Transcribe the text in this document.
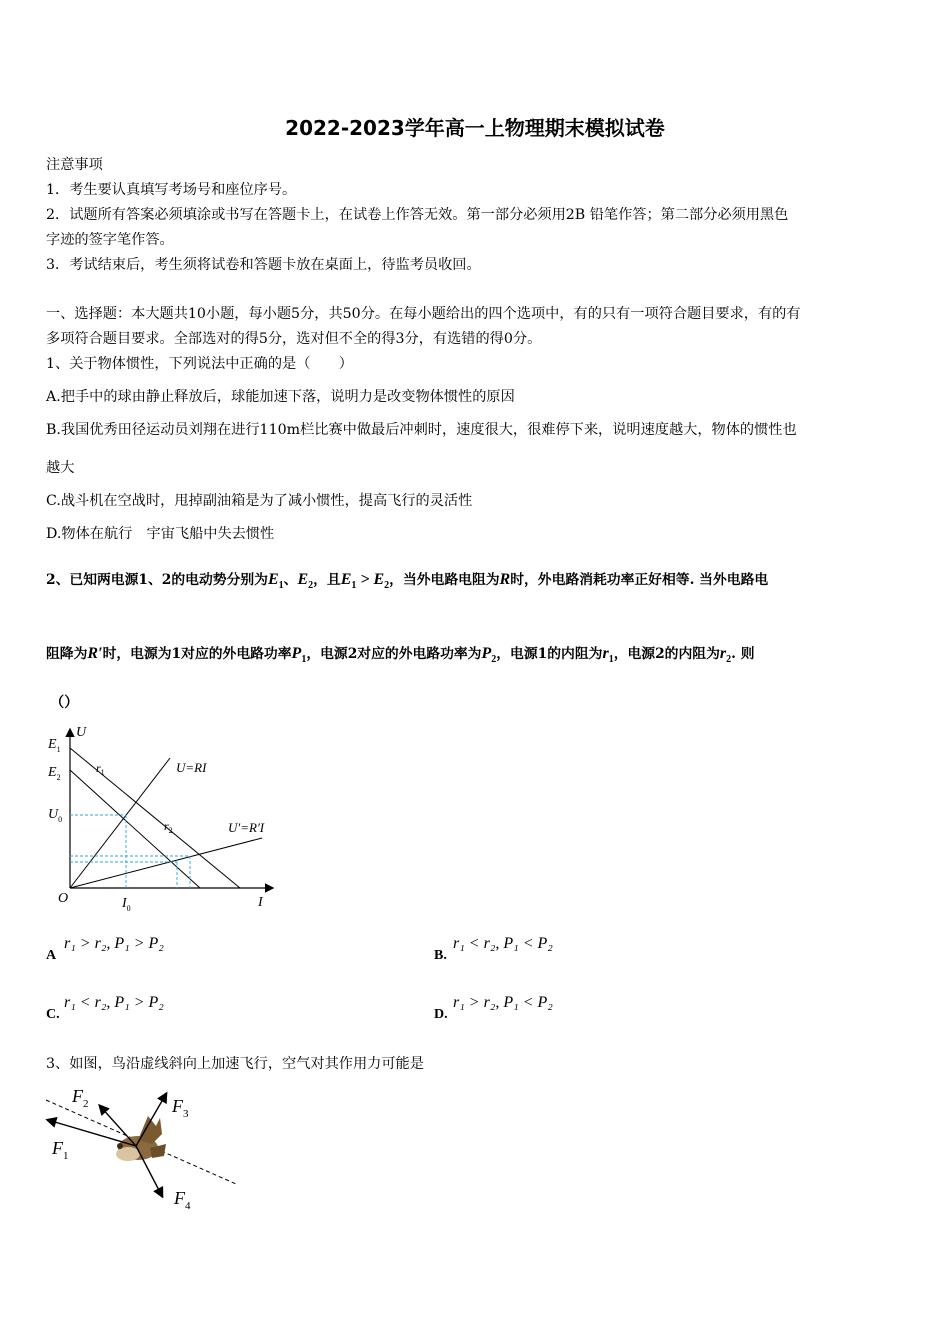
2022-2023学年高一上物理期末模拟试卷
注意事项
1．考生要认真填写考场号和座位序号。
2．试题所有答案必须填涂或书写在答题卡上，在试卷上作答无效。第一部分必须用2B 铅笔作答；第二部分必须用黑色
字迹的签字笔作答。
3．考试结束后，考生须将试卷和答题卡放在桌面上，待监考员收回。
一、选择题：本大题共10小题，每小题5分，共50分。在每小题给出的四个选项中，有的只有一项符合题目要求，有的有
多项符合题目要求。全部选对的得5分，选对但不全的得3分，有选错的得0分。
1、关于物体惯性，下列说法中正确的是（　　）
A.把手中的球由静止释放后，球能加速下落，说明力是改变物体惯性的原因
B.我国优秀田径运动员刘翔在进行110m栏比赛中做最后冲刺时，速度很大，很难停下来，说明速度越大，物体的惯性也
越大
C.战斗机在空战时，甩掉副油箱是为了减小惯性，提高飞行的灵活性
D.物体在航行　宇宙飞船中失去惯性
2、已知两电源1、2的电动势分别为$E_1$、$E_2$，且$E_1 > E_2$，当外电路电阻为R时，外电路消耗功率正好相等. 当外电路电
阻降为R′时，电源为1对应的外电路功率$P_1$，电源2对应的外电路功率为$P_2$，电源1的内阻为$r_1$，电源2的内阻为$r_2$. 则
（）
U
I
O
$E_1$
$E_2$
$U_0$
$I_0$
$r_1$
$r_2$
U=RI
U′=R′I
A
r₁ > r₂, P₁ > P₂
B.
r₁ < r₂, P₁ < P₂
C.
r₁ < r₂, P₁ > P₂
D.
r₁ > r₂, P₁ < P₂
3、如图，鸟沿虚线斜向上加速飞行，空气对其作用力可能是
$F_1$
$F_2$	$F_3$
$F_4$
